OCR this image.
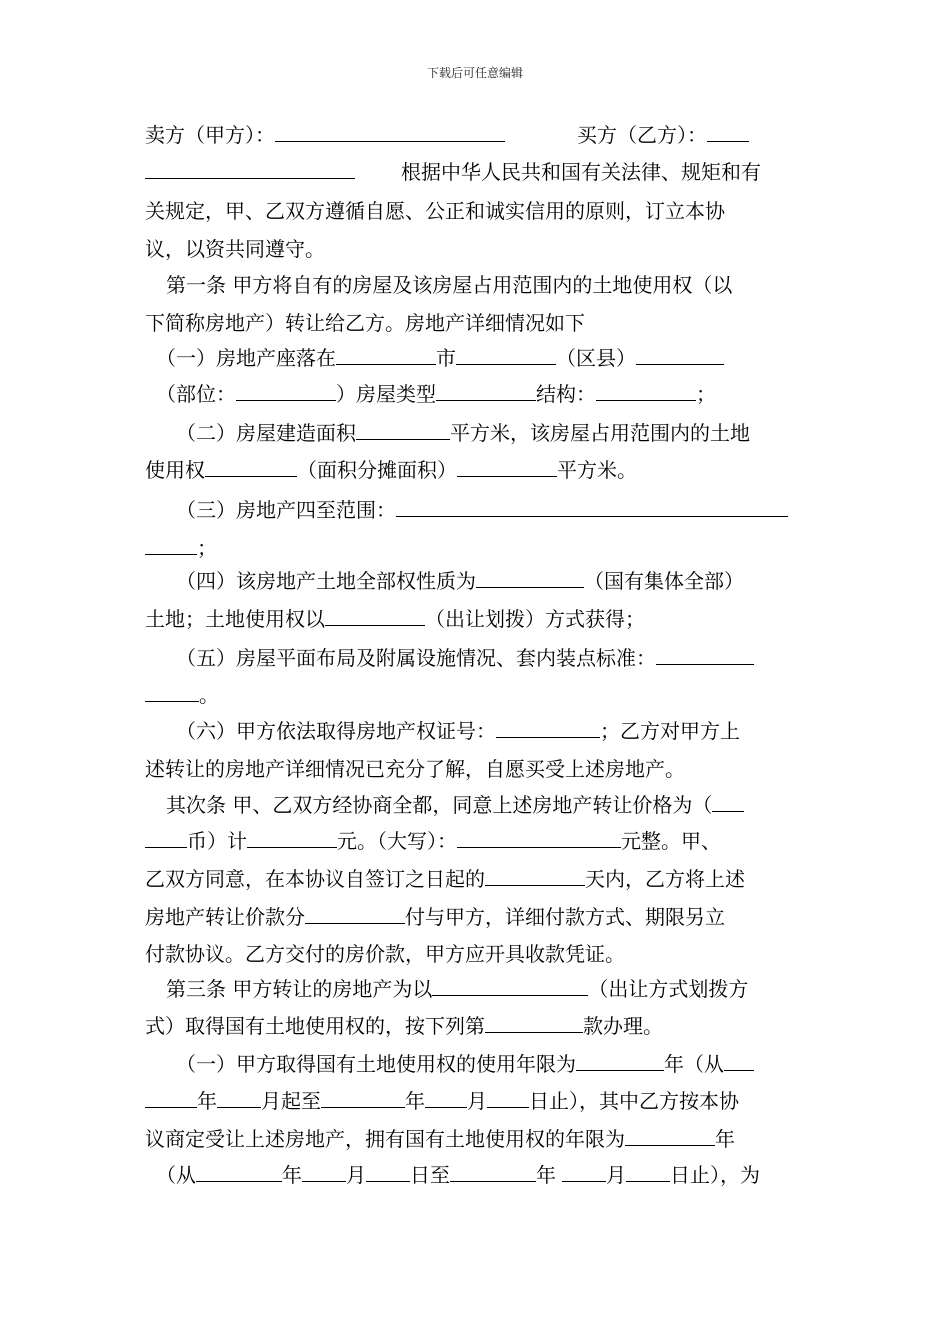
下载后可任意编辑
卖方（甲方）：	买方（乙方）：
根据中华人民共和国有关法律、规矩和有
关规定，甲、乙双方遵循自愿、公正和诚实信用的原则，订立本协
议，以资共同遵守。
第一条 甲方将自有的房屋及该房屋占用范围内的土地使用权（以
下简称房地产）转让给乙方。房地产详细情况如下
（一）房地产座落在	市	（区县）
（部位：	）房屋类型	结构：	；
（二）房屋建造面积	平方米，该房屋占用范围内的土地
使用权	（面积分摊面积）	平方米。
（三）房地产四至范围：
；
（四）该房地产土地全部权性质为	（国有集体全部）
土地；土地使用权以	（出让划拨）方式获得；
（五）房屋平面布局及附属设施情况、套内装点标准：
。
（六）甲方依法取得房地产权证号：	；乙方对甲方上
述转让的房地产详细情况已充分了解，自愿买受上述房地产。
其次条 甲、乙双方经协商全都，同意上述房地产转让价格为（
币）计	元。（大写）：	元整。甲、
乙双方同意，在本协议自签订之日起的	天内，乙方将上述
房地产转让价款分	付与甲方，详细付款方式、期限另立
付款协议。乙方交付的房价款，甲方应开具收款凭证。
第三条 甲方转让的房地产为以	（出让方式划拨方
式）取得国有土地使用权的，按下列第	款办理。
（一）甲方取得国有土地使用权的使用年限为	年（从
年 月起至	年 月 日止），其中乙方按本协
议商定受让上述房地产，拥有国有土地使用权的年限为	年
（从	年 月 日至	年	月 日止），为
